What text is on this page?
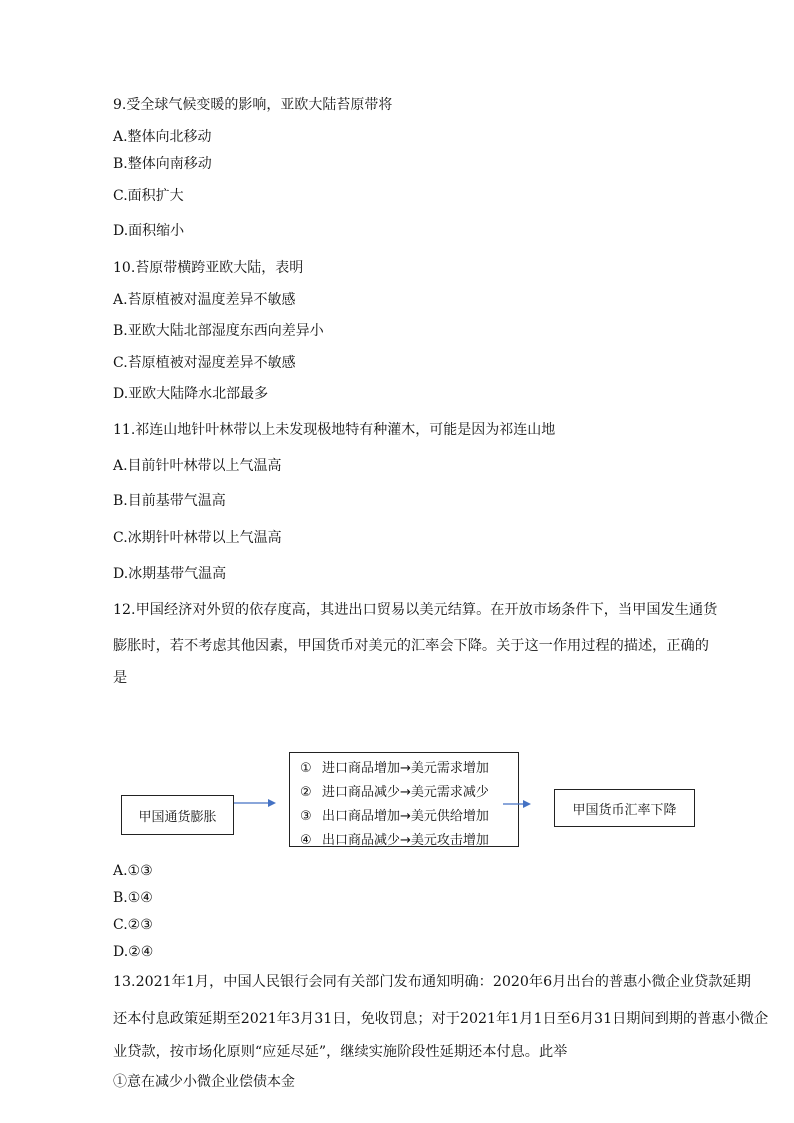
9.受全球气候变暖的影响，亚欧大陆苔原带将
A.整体向北移动
B.整体向南移动
C.面积扩大
D.面积缩小
10.苔原带横跨亚欧大陆，表明
A.苔原植被对温度差异不敏感
B.亚欧大陆北部湿度东西向差异小
C.苔原植被对湿度差异不敏感
D.亚欧大陆降水北部最多
11.祁连山地针叶林带以上未发现极地特有种灌木，可能是因为祁连山地
A.目前针叶林带以上气温高
B.目前基带气温高
C.冰期针叶林带以上气温高
D.冰期基带气温高
12.甲国经济对外贸的依存度高，其进出口贸易以美元结算。在开放市场条件下，当甲国发生通货
膨胀时，若不考虑其他因素，甲国货币对美元的汇率会下降。关于这一作用过程的描述，正确的
是
甲国通货膨胀
① 进口商品增加→美元需求增加
② 进口商品减少→美元需求减少
③ 出口商品增加→美元供给增加
④ 出口商品减少→美元攻击增加
甲国货币汇率下降
A.①③
B.①④
C.②③
D.②④
13.2021年1月，中国人民银行会同有关部门发布通知明确：2020年6月出台的普惠小微企业贷款延期
还本付息政策延期至2021年3月31日，免收罚息；对于2021年1月1日至6月31日期间到期的普惠小微企
业贷款，按市场化原则“应延尽延”，继续实施阶段性延期还本付息。此举
①意在减少小微企业偿债本金
